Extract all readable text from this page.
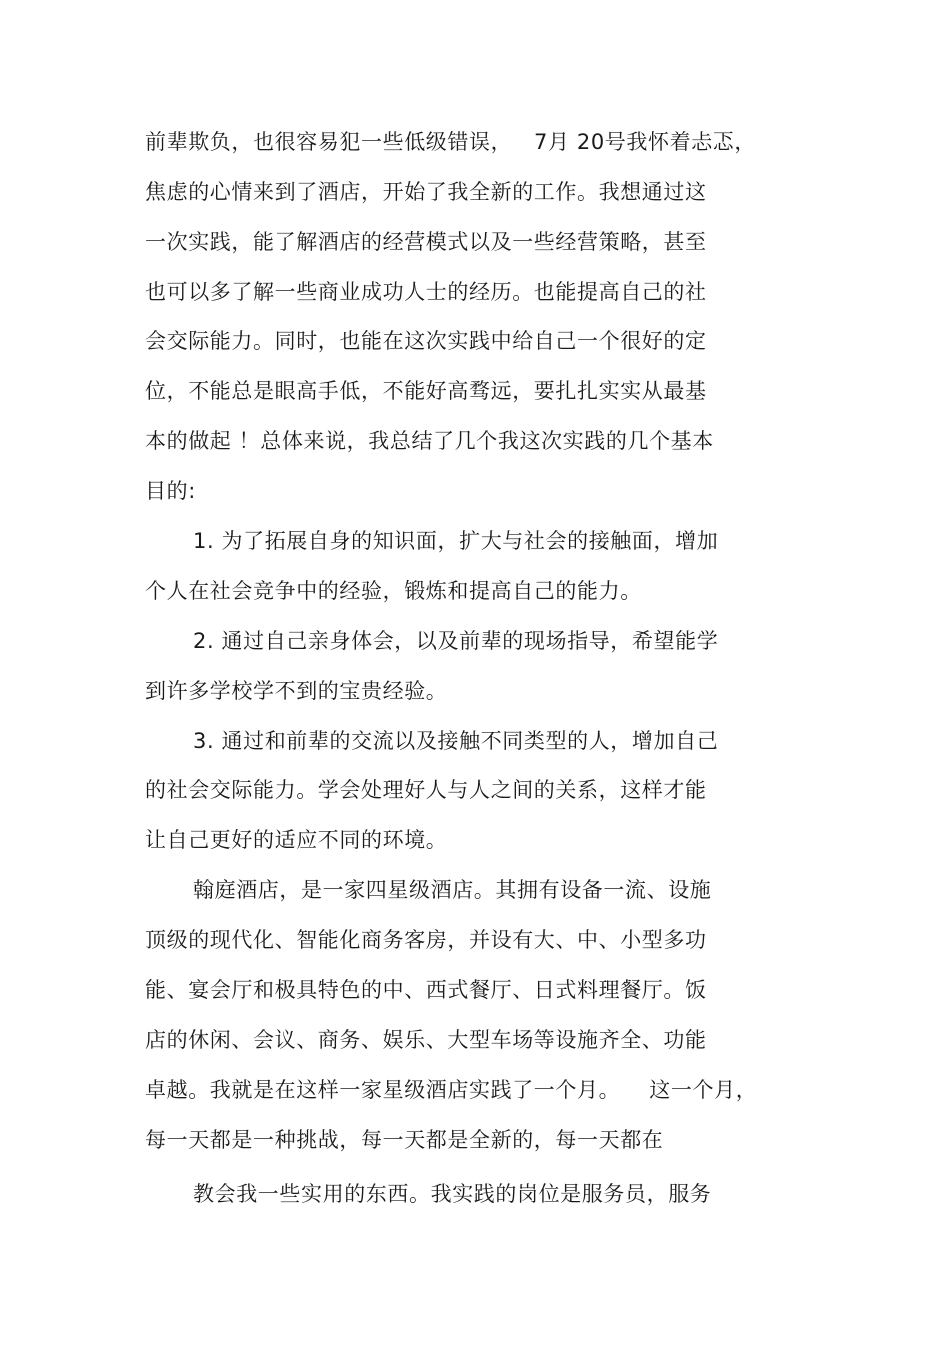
前辈欺负，也很容易犯一些低级错误，   7月 20号我怀着忐忑，
焦虑的心情来到了酒店，开始了我全新的工作。我想通过这
一次实践，能了解酒店的经营模式以及一些经营策略，甚至
也可以多了解一些商业成功人士的经历。也能提高自己的社
会交际能力。同时，也能在这次实践中给自己一个很好的定
位，不能总是眼高手低，不能好高骛远，要扎扎实实从最基
本的做起 ！总体来说，我总结了几个我这次实践的几个基本
目的:
1. 为了拓展自身的知识面，扩大与社会的接触面，增加
个人在社会竞争中的经验，锻炼和提高自己的能力。
2. 通过自己亲身体会，以及前辈的现场指导，希望能学
到许多学校学不到的宝贵经验。
3. 通过和前辈的交流以及接触不同类型的人，增加自己
的社会交际能力。学会处理好人与人之间的关系，这样才能
让自己更好的适应不同的环境。
翰庭酒店，是一家四星级酒店。其拥有设备一流、设施
顶级的现代化、智能化商务客房，并设有大、中、小型多功
能、宴会厅和极具特色的中、西式餐厅、日式料理餐厅。饭
店的休闲、会议、商务、娱乐、大型车场等设施齐全、功能
卓越。我就是在这样一家星级酒店实践了一个月。    这一个月，
每一天都是一种挑战，每一天都是全新的，每一天都在
教会我一些实用的东西。我实践的岗位是服务员，服务
